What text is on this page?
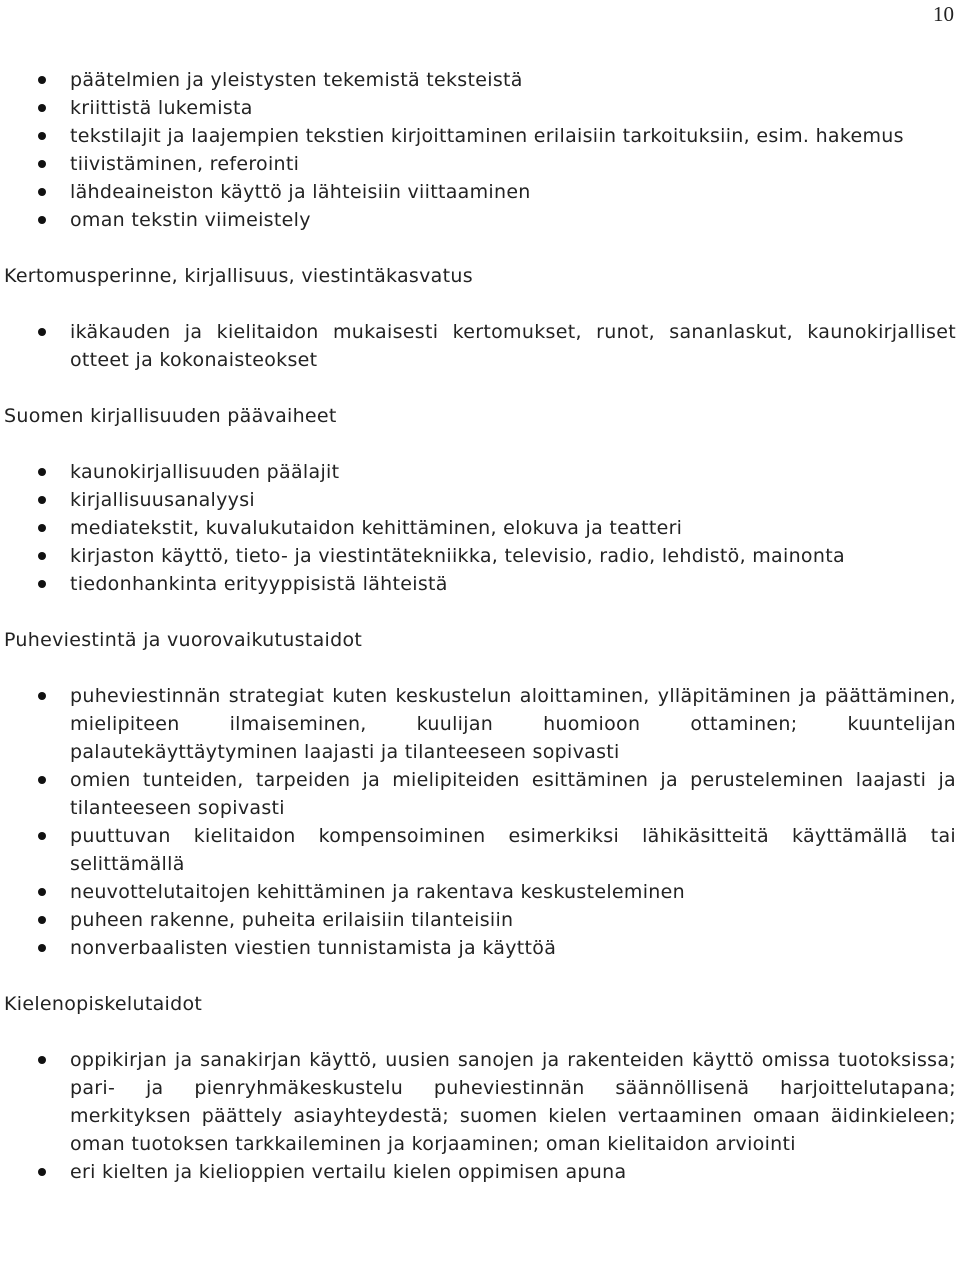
10
päätelmien ja yleistysten tekemistä teksteistä
kriittistä lukemista
tekstilajit ja laajempien tekstien kirjoittaminen erilaisiin tarkoituksiin, esim. hakemus
tiivistäminen, referointi
lähdeaineiston käyttö ja lähteisiin viittaaminen
oman tekstin viimeistely
Kertomusperinne, kirjallisuus, viestintäkasvatus
ikäkauden ja kielitaidon mukaisesti kertomukset, runot, sananlaskut, kaunokirjalliset otteet ja kokonaisteokset
Suomen kirjallisuuden päävaiheet
kaunokirjallisuuden päälajit
kirjallisuusanalyysi
mediatekstit, kuvalukutaidon kehittäminen, elokuva ja teatteri
kirjaston käyttö, tieto- ja viestintätekniikka, televisio, radio, lehdistö, mainonta
tiedonhankinta erityyppisistä lähteistä
Puheviestintä ja vuorovaikutustaidot
puheviestinnän strategiat kuten keskustelun aloittaminen, ylläpitäminen ja päättäminen, mielipiteen ilmaiseminen, kuulijan huomioon ottaminen; kuuntelijan palautekäyttäytyminen laajasti ja tilanteeseen sopivasti
omien tunteiden, tarpeiden ja mielipiteiden esittäminen ja perusteleminen laajasti ja tilanteeseen sopivasti
puuttuvan kielitaidon kompensoiminen esimerkiksi lähikäsitteitä käyttämällä tai selittämällä
neuvottelutaitojen kehittäminen ja rakentava keskusteleminen
puheen rakenne, puheita erilaisiin tilanteisiin
nonverbaalisten viestien tunnistamista ja käyttöä
Kielenopiskelutaidot
oppikirjan ja sanakirjan käyttö, uusien sanojen ja rakenteiden käyttö omissa tuotoksissa; pari- ja pienryhmäkeskustelu puheviestinnän säännöllisenä harjoittelutapana; merkityksen päättely asiayhteydestä; suomen kielen vertaaminen omaan äidinkieleen; oman tuotoksen tarkkaileminen ja korjaaminen; oman kielitaidon arviointi
eri kielten ja kielioppien vertailu kielen oppimisen apuna
